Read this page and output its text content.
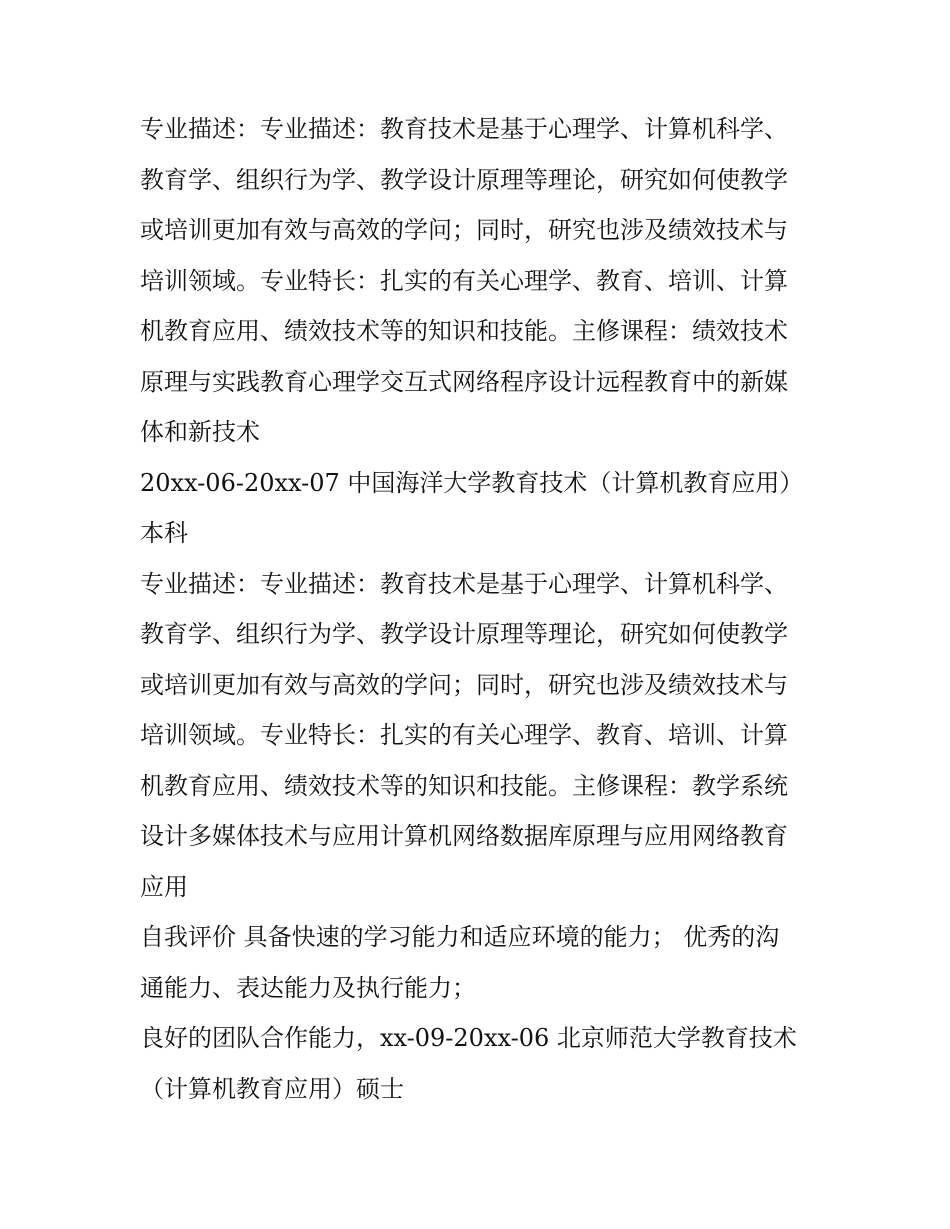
专业描述：专业描述：教育技术是基于心理学、计算机科学、
教育学、组织行为学、教学设计原理等理论，研究如何使教学
或培训更加有效与高效的学问；同时，研究也涉及绩效技术与
培训领域。专业特长：扎实的有关心理学、教育、培训、计算
机教育应用、绩效技术等的知识和技能。主修课程：绩效技术
原理与实践教育心理学交互式网络程序设计远程教育中的新媒
体和新技术

20xx-06-20xx-07 中国海洋大学教育技术（计算机教育应用）
本科

专业描述：专业描述：教育技术是基于心理学、计算机科学、
教育学、组织行为学、教学设计原理等理论，研究如何使教学
或培训更加有效与高效的学问；同时，研究也涉及绩效技术与
培训领域。专业特长：扎实的有关心理学、教育、培训、计算
机教育应用、绩效技术等的知识和技能。主修课程：教学系统
设计多媒体技术与应用计算机网络数据库原理与应用网络教育
应用

自我评价 具备快速的学习能力和适应环境的能力； 优秀的沟
通能力、表达能力及执行能力；

良好的团队合作能力，xx-09-20xx-06 北京师范大学教育技术
（计算机教育应用）硕士
